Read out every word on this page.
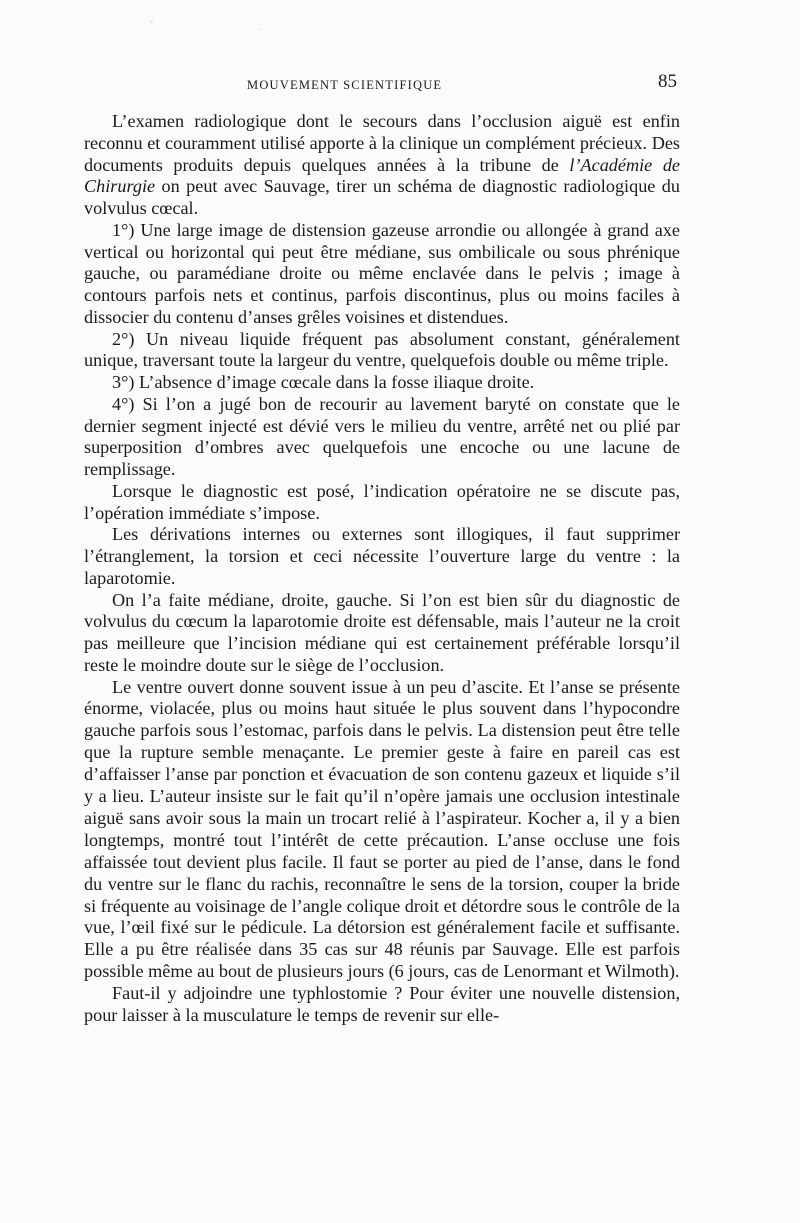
MOUVEMENT SCIENTIFIQUE	85

L’examen radiologique dont le secours dans l’occlusion aiguë est enfin reconnu et couramment utilisé apporte à la clinique un complément précieux. Des documents produits depuis quelques années à la tribune de l’Académie de Chirurgie on peut avec Sauvage, tirer un schéma de diagnostic radiologique du volvulus cœcal.

1°) Une large image de distension gazeuse arrondie ou allongée à grand axe vertical ou horizontal qui peut être médiane, sus ombilicale ou sous phrénique gauche, ou paramédiane droite ou même enclavée dans le pelvis ; image à contours parfois nets et continus, parfois discontinus, plus ou moins faciles à dissocier du contenu d’anses grêles voisines et distendues.

2°) Un niveau liquide fréquent pas absolument constant, généralement unique, traversant toute la largeur du ventre, quelquefois double ou même triple.

3°) L’absence d’image cœcale dans la fosse iliaque droite.

4°) Si l’on a jugé bon de recourir au lavement baryté on constate que le dernier segment injecté est dévié vers le milieu du ventre, arrêté net ou plié par superposition d’ombres avec quelquefois une encoche ou une lacune de remplissage.

Lorsque le diagnostic est posé, l’indication opératoire ne se discute pas, l’opération immédiate s’impose.

Les dérivations internes ou externes sont illogiques, il faut supprimer l’étranglement, la torsion et ceci nécessite l’ouverture large du ventre : la laparotomie.

On l’a faite médiane, droite, gauche. Si l’on est bien sûr du diagnostic de volvulus du cœcum la laparotomie droite est défensable, mais l’auteur ne la croit pas meilleure que l’incision médiane qui est certainement préférable lorsqu’il reste le moindre doute sur le siège de l’occlusion.

Le ventre ouvert donne souvent issue à un peu d’ascite. Et l’anse se présente énorme, violacée, plus ou moins haut située le plus souvent dans l’hypocondre gauche parfois sous l’estomac, parfois dans le pelvis. La distension peut être telle que la rupture semble menaçante. Le premier geste à faire en pareil cas est d’affaisser l’anse par ponction et évacuation de son contenu gazeux et liquide s’il y a lieu. L’auteur insiste sur le fait qu’il n’opère jamais une occlusion intestinale aiguë sans avoir sous la main un trocart relié à l’aspirateur. Kocher a, il y a bien longtemps, montré tout l’intérêt de cette précaution. L’anse occluse une fois affaissée tout devient plus facile. Il faut se porter au pied de l’anse, dans le fond du ventre sur le flanc du rachis, reconnaître le sens de la torsion, couper la bride si fréquente au voisinage de l’angle colique droit et détordre sous le contrôle de la vue, l’œil fixé sur le pédicule. La détorsion est généralement facile et suffisante. Elle a pu être réalisée dans 35 cas sur 48 réunis par Sauvage. Elle est parfois possible même au bout de plusieurs jours (6 jours, cas de Lenormant et Wilmoth).

Faut-il y adjoindre une typhlostomie ? Pour éviter une nouvelle distension, pour laisser à la musculature le temps de revenir sur elle-
